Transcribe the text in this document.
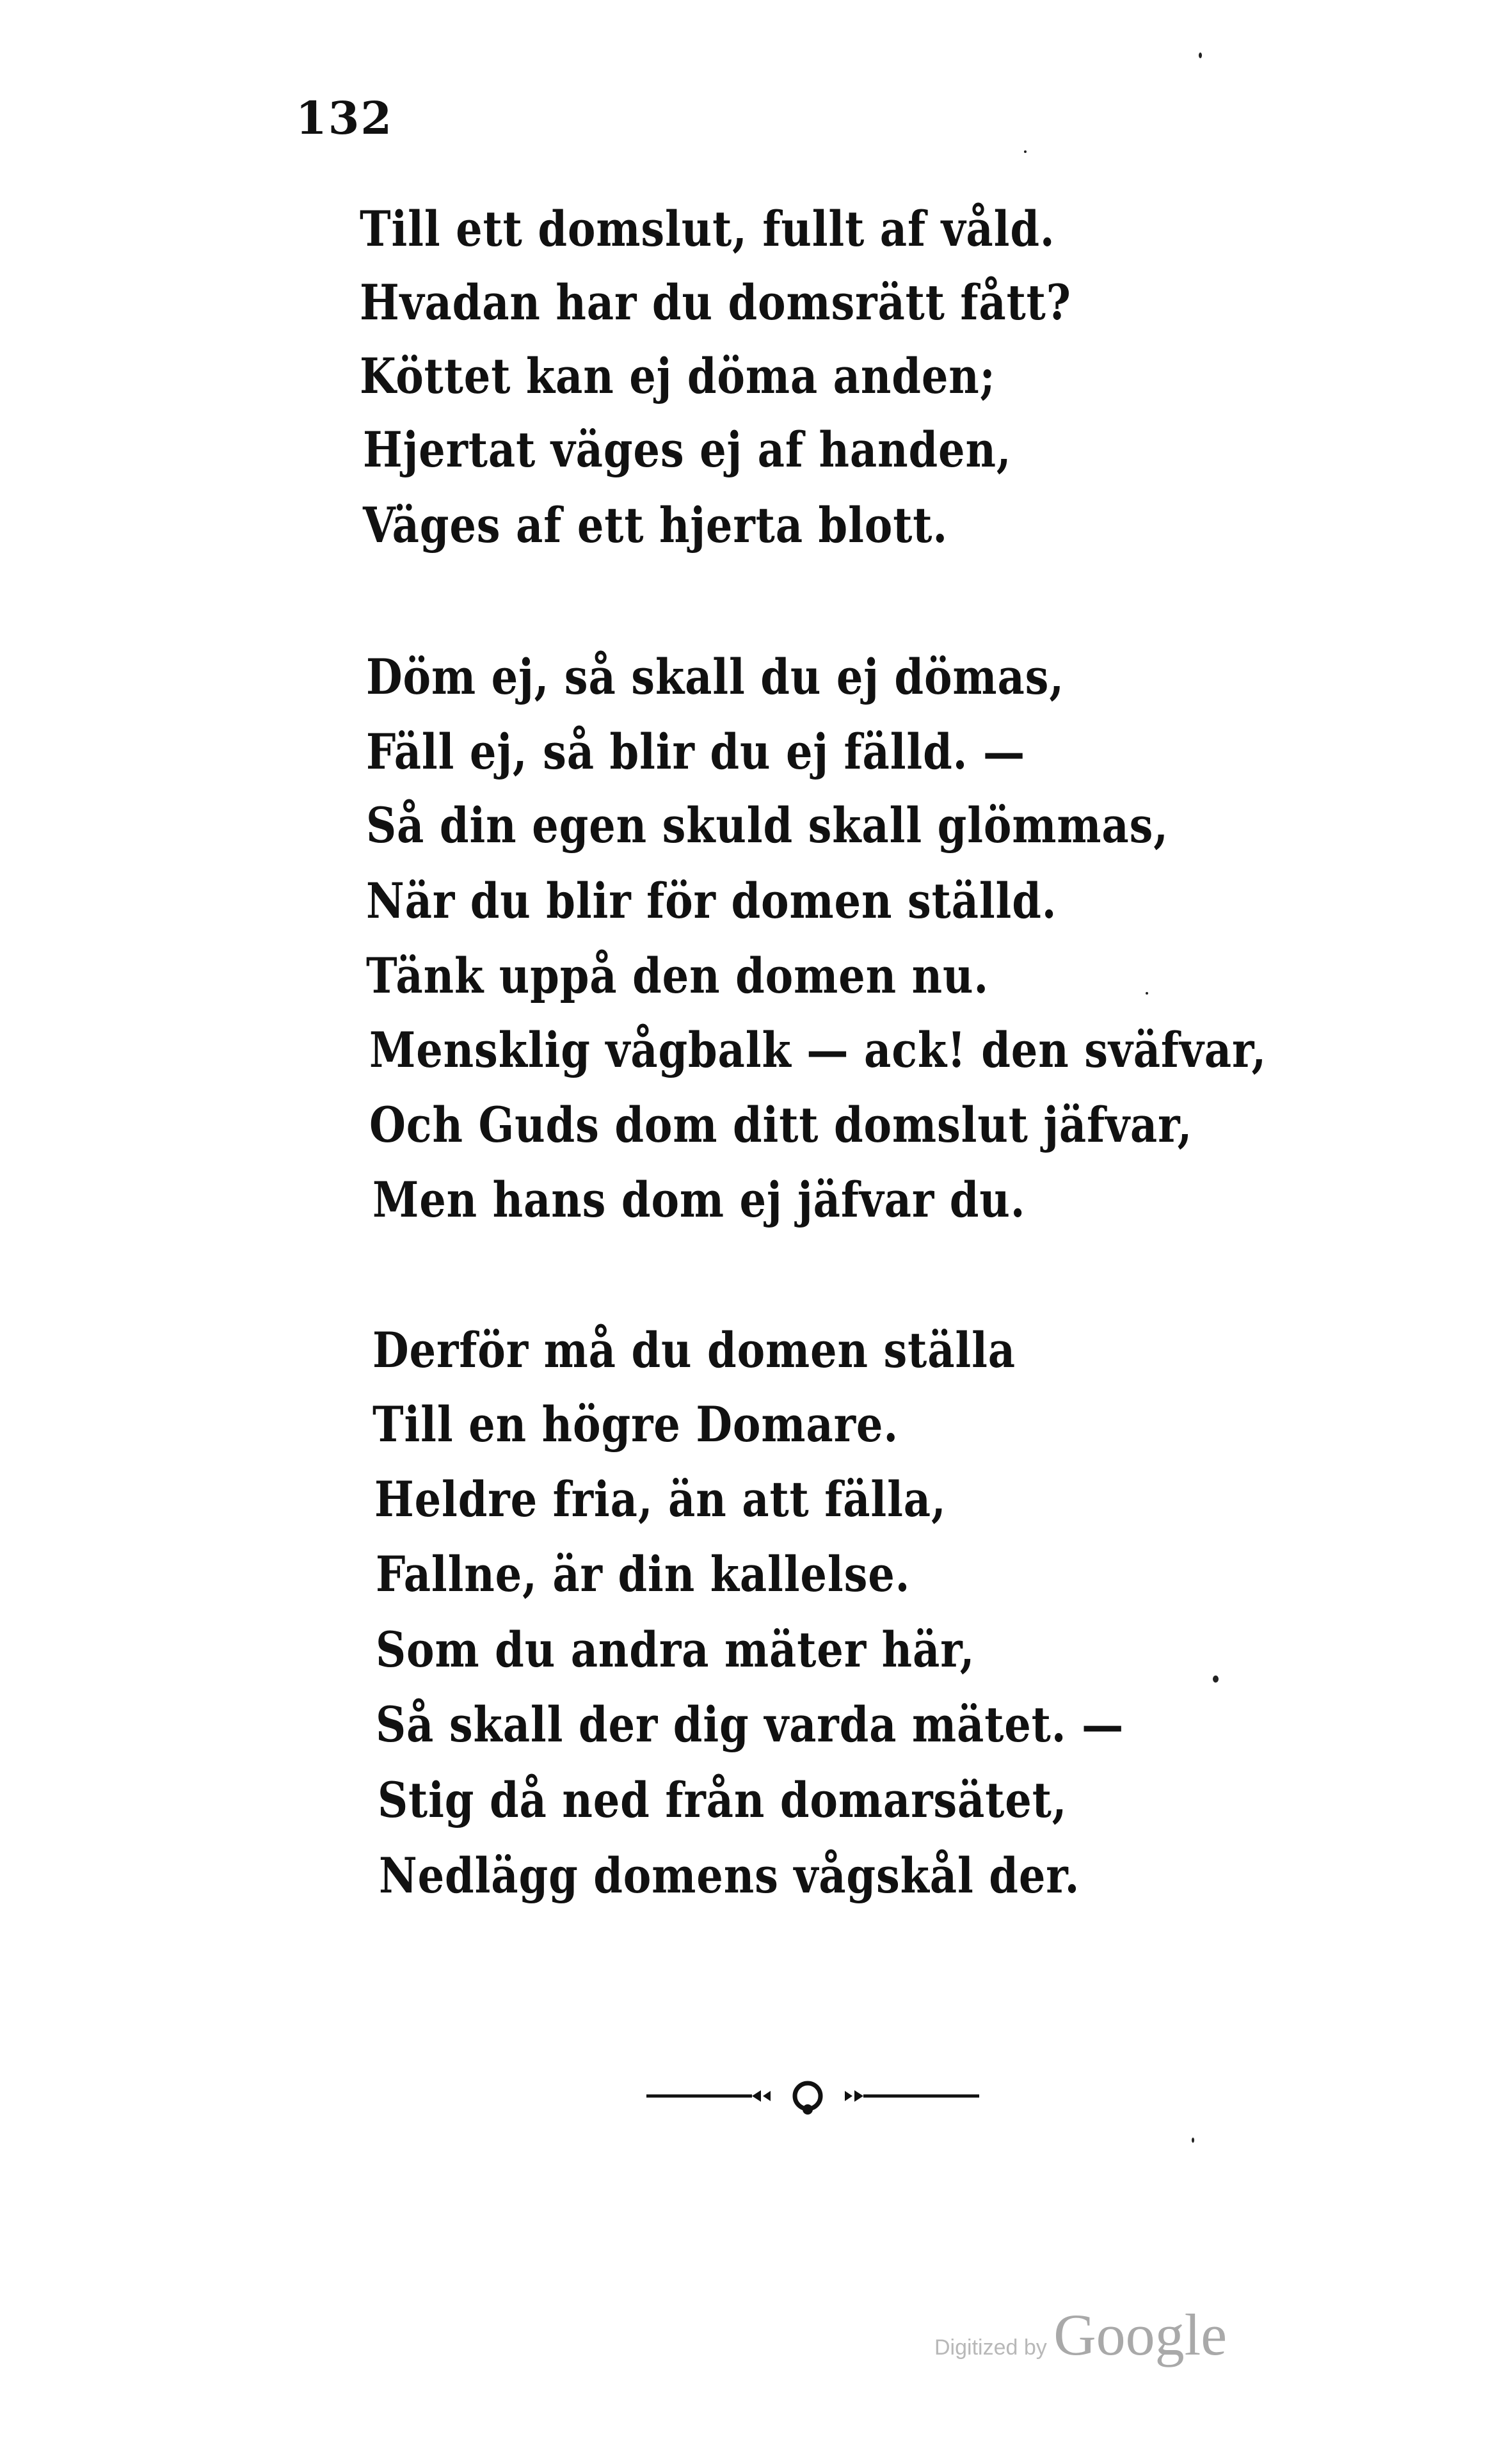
132
Till ett domslut, fullt af våld.
Hvadan har du domsrätt fått?
Köttet kan ej döma anden;
Hjertat väges ej af handen,
Väges af ett hjerta blott.
Döm ej, så skall du ej dömas,
Fäll ej, så blir du ej fälld. —
Så din egen skuld skall glömmas,
När du blir för domen ställd.
Tänk uppå den domen nu.
Mensklig vågbalk — ack! den sväfvar,
Och Guds dom ditt domslut jäfvar,
Men hans dom ej jäfvar du.
Derför må du domen ställa
Till en högre Domare.
Heldre fria, än att fälla,
Fallne, är din kallelse.
Som du andra mäter här,
Så skall der dig varda mätet. —
Stig då ned från domarsätet,
Nedlägg domens vågskål der.
Digitized by Google
